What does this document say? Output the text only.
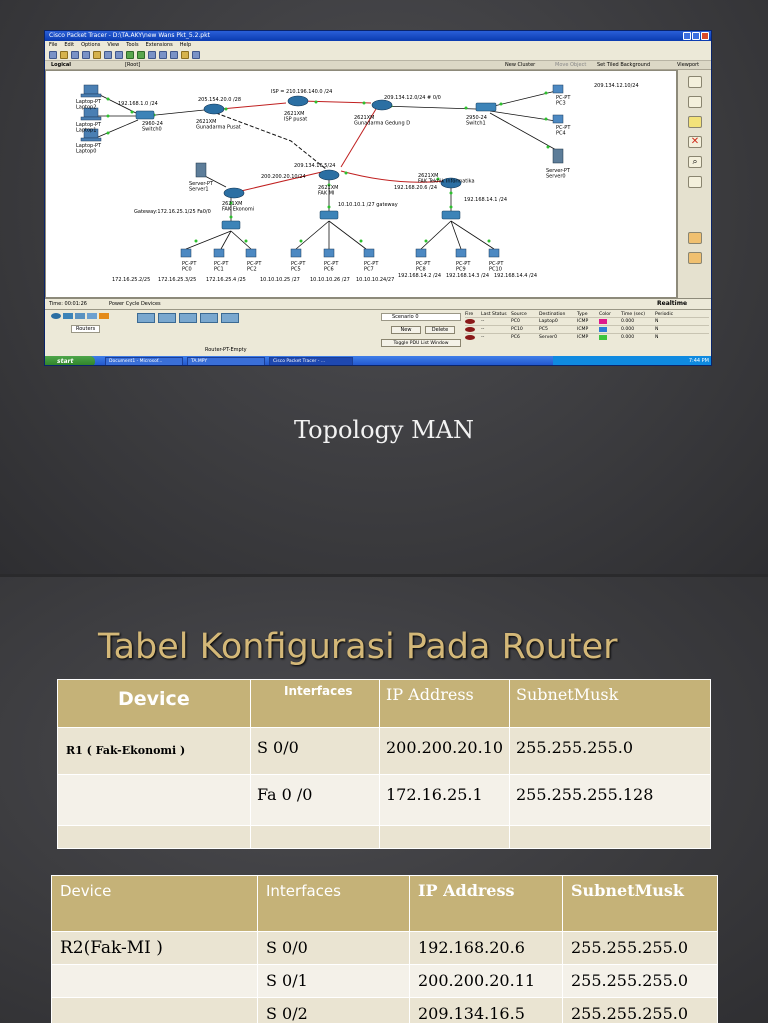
Cisco Packet Tracer - D:\TA.AKY\new Wans Pkt_5.2.pkt
File Edit Options View Tools Extensions Help
Logical	[Root]	New Cluster	Move Object Set Tiled Background	Viewport
Laptop-PT Laptop2
Laptop-PT Laptop1
Laptop-PT Laptop0
2960-24 Switch0
2950-24 Switch1
2621XM Gunadarma Pusat
2621XM ISP pusat	2621XM Gunadarma Gedung D
2621XM FAK MI
2621XM FAK Teknik Informatika
2621XM FAK Ekonomi
Server-PT Server1
Server-PT Server0
PC-PT PC3
PC-PT PC4
PC-PT PC0
PC-PT PC1
PC-PT PC2
PC-PT PC5
PC-PT PC6
PC-PT PC7
PC-PT PC8
PC-PT PC9
PC-PT PC10
192.168.1.0 /24
205.154.20.0 /28
ISP = 210.196.140.0 /24
209.134.12.0/24 # 0/0
209.134.12.10/24
200.200.20.10/24
209.134.16.5/24
192.168.20.6 /24
10.10.10.1 /27 gateway
192.168.14.1 /24
Gateway:172.16.25.1/25 Fa0/0
172.16.25.2/25 172.16.25.3/25 172.16.25.4 /25	10.10.10.25 /27 10.10.10.26 /27 10.10.10.24/27
192.168.14.2 /24 192.168.14.3 /24 192.168.14.4 /24
✕
⌕
Time: 00:01:26	Power Cycle Devices	Realtime
Routers
Router-PT-Empty
Scenario 0
New	Delete
Toggle PDU List Window
Fire	Last Status Source	Destination	Type	Color	Time (sec)	Periodic
--	PC0	Laptop0	ICMP	0.000	N
--	PC10	PC5	ICMP	0.000	N
--	PC6	Server0	ICMP	0.000	N
start	Document1 - Microsof...	TA.MPY	Cisco Packet Tracer - ...	7:44 PM
Topology MAN
Tabel Konfigurasi Pada Router
Device	Interfaces	IP Address	SubnetMusk
R1 ( Fak-Ekonomi )	S 0/0	200.200.20.10	255.255.255.0
	Fa 0 /0	172.16.25.1	255.255.255.128

Device	Interfaces	IP Address	SubnetMusk
R2(Fak-MI )	S 0/0	192.168.20.6	255.255.255.0
	S 0/1	200.200.20.11	255.255.255.0
	S 0/2	209.134.16.5	255.255.255.0
